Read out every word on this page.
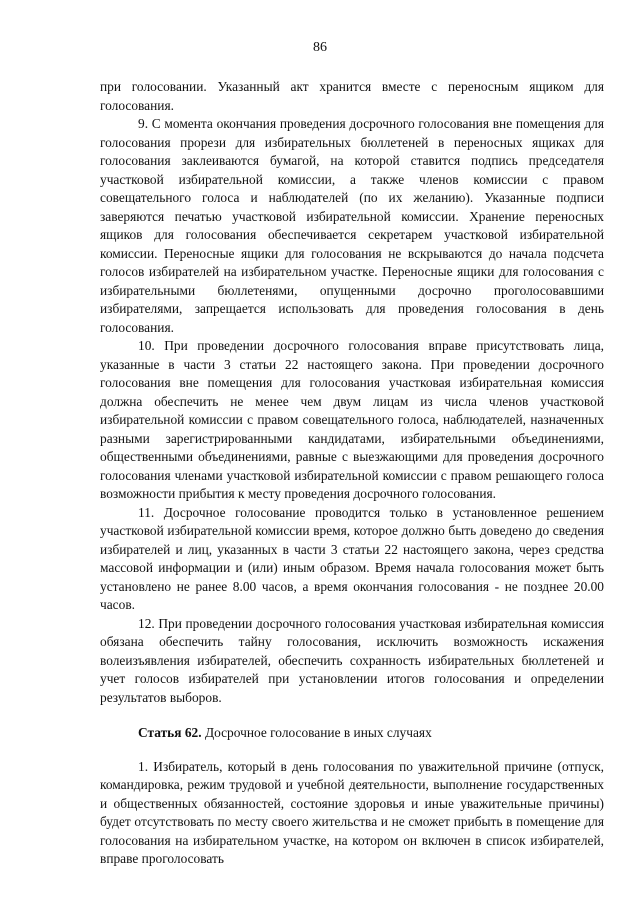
86

при голосовании. Указанный акт хранится вместе с переносным ящиком для голосования.

9. С момента окончания проведения досрочного голосования вне помещения для голосования прорези для избирательных бюллетеней в переносных ящиках для голосования заклеиваются бумагой, на которой ставится подпись председателя участковой избирательной комиссии, а также членов комиссии с правом совещательного голоса и наблюдателей (по их желанию). Указанные подписи заверяются печатью участковой избирательной комиссии. Хранение переносных ящиков для голосования обеспечивается секретарем участковой избирательной комиссии. Переносные ящики для голосования не вскрываются до начала подсчета голосов избирателей на избирательном участке. Переносные ящики для голосования с избирательными бюллетенями, опущенными досрочно проголосовавшими избирателями, запрещается использовать для проведения голосования в день голосования.

10. При проведении досрочного голосования вправе присутствовать лица, указанные в части 3 статьи 22 настоящего закона. При проведении досрочного голосования вне помещения для голосования участковая избирательная комиссия должна обеспечить не менее чем двум лицам из числа членов участковой избирательной комиссии с правом совещательного голоса, наблюдателей, назначенных разными зарегистрированными кандидатами, избирательными объединениями, общественными объединениями, равные с выезжающими для проведения досрочного голосования членами участковой избирательной комиссии с правом решающего голоса возможности прибытия к месту проведения досрочного голосования.

11. Досрочное голосование проводится только в установленное решением участковой избирательной комиссии время, которое должно быть доведено до сведения избирателей и лиц, указанных в части 3 статьи 22 настоящего закона, через средства массовой информации и (или) иным образом. Время начала голосования может быть установлено не ранее 8.00 часов, а время окончания голосования - не позднее 20.00 часов.

12. При проведении досрочного голосования участковая избирательная комиссия обязана обеспечить тайну голосования, исключить возможность искажения волеизъявления избирателей, обеспечить сохранность избирательных бюллетеней и учет голосов избирателей при установлении итогов голосования и определении результатов выборов.

Статья 62. Досрочное голосование в иных случаях

1. Избиратель, который в день голосования по уважительной причине (отпуск, командировка, режим трудовой и учебной деятельности, выполнение государственных и общественных обязанностей, состояние здоровья и иные уважительные причины) будет отсутствовать по месту своего жительства и не сможет прибыть в помещение для голосования на избирательном участке, на котором он включен в список избирателей, вправе проголосовать
